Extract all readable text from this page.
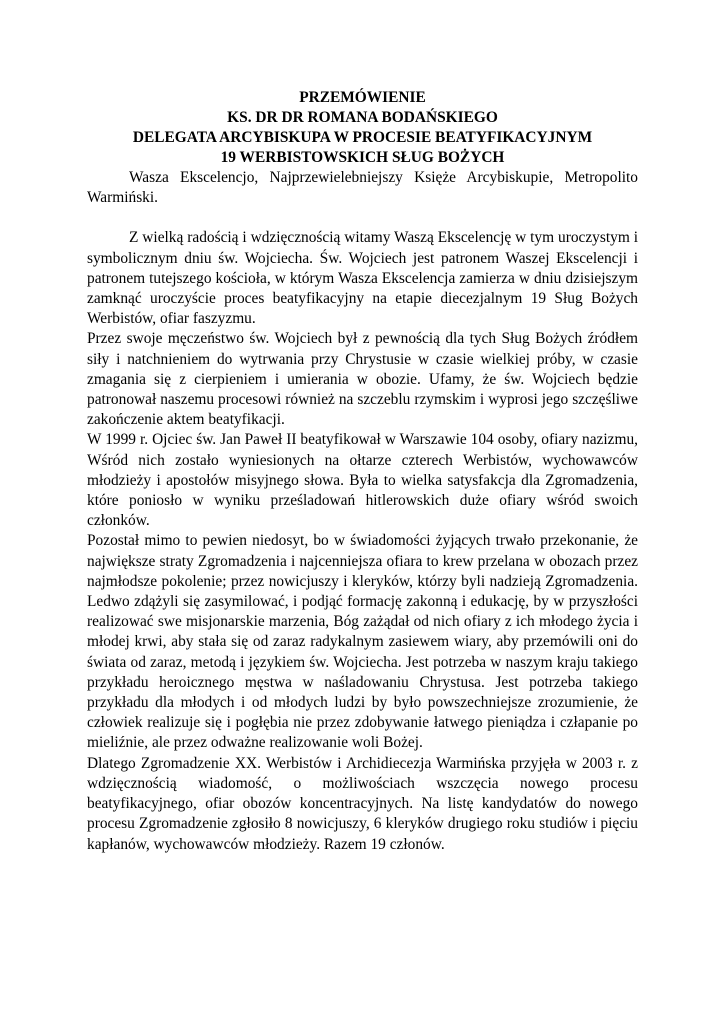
PRZEMÓWIENIE
KS. DR DR ROMANA BODAŃSKIEGO
DELEGATA ARCYBISKUPA W PROCESIE BEATYFIKACYJNYM
19 WERBISTOWSKICH SŁUG BOŻYCH

Wasza Ekscelencjo, Najprzewielebniejszy Księże Arcybiskupie, Metropolito Warmiński.

Z wielką radością i wdzięcznością witamy Waszą Ekscelencję w tym uroczystym i symbolicznym dniu św. Wojciecha. Św. Wojciech jest patronem Waszej Ekscelencji i patronem tutejszego kościoła, w którym Wasza Ekscelencja zamierza w dniu dzisiejszym zamknąć uroczyście proces beatyfikacyjny na etapie diecezjalnym 19 Sług Bożych Werbistów, ofiar faszyzmu.

Przez swoje męczeństwo św. Wojciech był z pewnością dla tych Sług Bożych źródłem siły i natchnieniem do wytrwania przy Chrystusie w czasie wielkiej próby, w czasie zmagania się z cierpieniem i umierania w obozie. Ufamy, że św. Wojciech będzie patronował naszemu procesowi również na szczeblu rzymskim i wyprosi jego szczęśliwe zakończenie aktem beatyfikacji.

W 1999 r. Ojciec św. Jan Paweł II beatyfikował w Warszawie 104 osoby, ofiary nazizmu, Wśród nich zostało wyniesionych na ołtarze czterech Werbistów, wychowawców młodzieży i apostołów misyjnego słowa. Była to wielka satysfakcja dla Zgromadzenia, które poniosło w wyniku prześladowań hitlerowskich duże ofiary wśród swoich członków.

Pozostał mimo to pewien niedosyt, bo w świadomości żyjących trwało przekonanie, że największe straty Zgromadzenia i najcenniejsza ofiara to krew przelana w obozach przez najmłodsze pokolenie; przez nowicjuszy i kleryków, którzy byli nadzieją Zgromadzenia. Ledwo zdążyli się zasymilować, i podjąć formację zakonną i edukację, by w przyszłości realizować swe misjonarskie marzenia, Bóg zażądał od nich ofiary z ich młodego życia i młodej krwi, aby stała się od zaraz radykalnym zasiewem wiary, aby przemówili oni do świata od zaraz, metodą i językiem św. Wojciecha. Jest potrzeba w naszym kraju takiego przykładu heroicznego męstwa w naśladowaniu Chrystusa. Jest potrzeba takiego przykładu dla młodych i od młodych ludzi by było powszechniejsze zrozumienie, że człowiek realizuje się i pogłębia nie przez zdobywanie łatwego pieniądza i człapanie po mieliźnie, ale przez odważne realizowanie woli Bożej.

Dlatego Zgromadzenie XX. Werbistów i Archidiecezja Warmińska przyjęła w 2003 r. z wdzięcznością wiadomość, o możliwościach wszczęcia nowego procesu beatyfikacyjnego, ofiar obozów koncentracyjnych. Na listę kandydatów do nowego procesu Zgromadzenie zgłosiło 8 nowicjuszy, 6 kleryków drugiego roku studiów i pięciu kapłanów, wychowawców młodzieży. Razem 19 członów.
